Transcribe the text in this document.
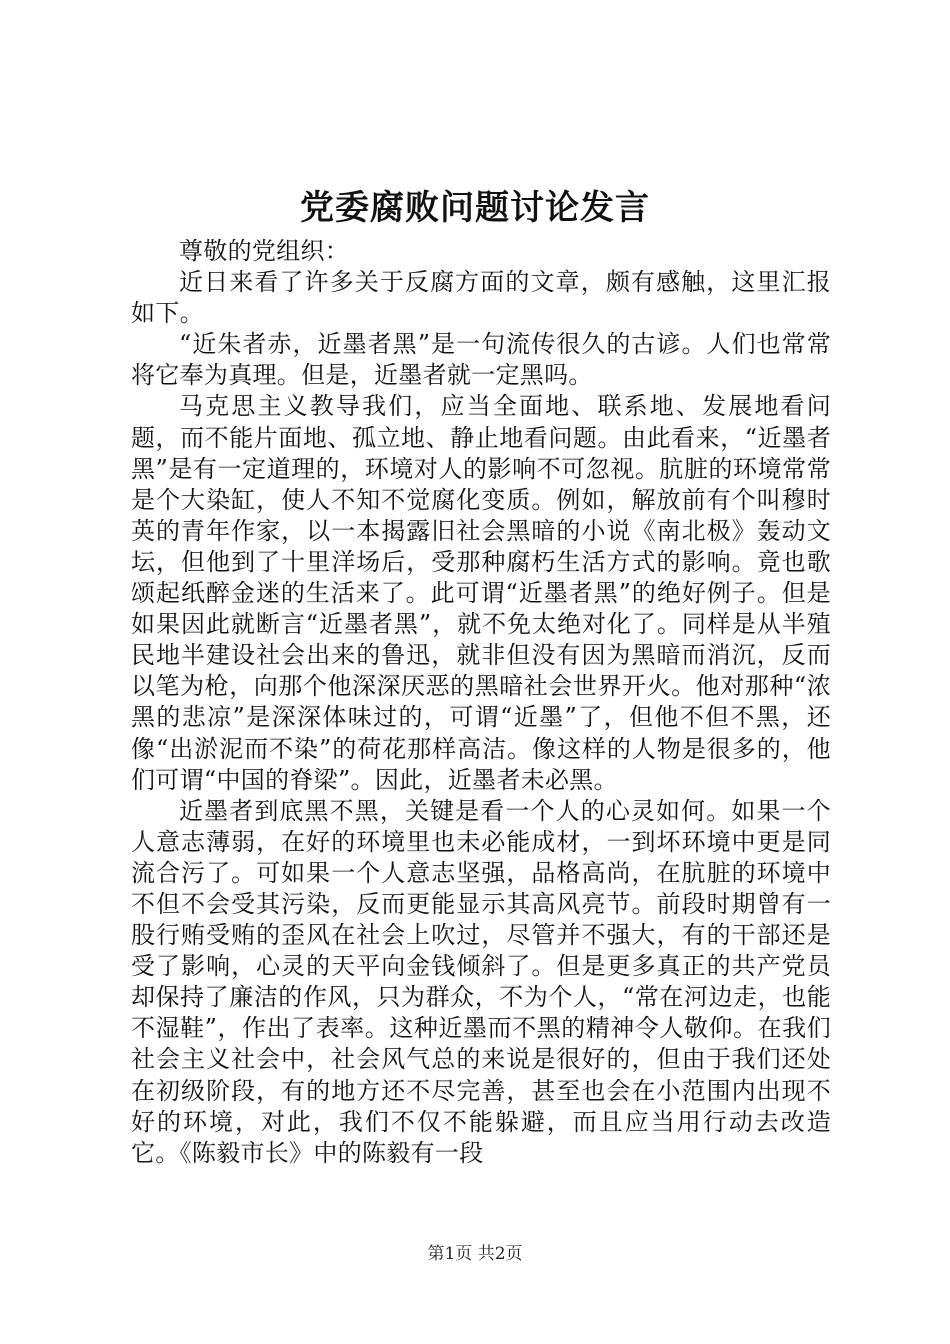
党委腐败问题讨论发言

尊敬的党组织：

近日来看了许多关于反腐方面的文章，颇有感触，这里汇报如下。

“近朱者赤，近墨者黑”是一句流传很久的古谚。人们也常常将它奉为真理。但是，近墨者就一定黑吗。

马克思主义教导我们，应当全面地、联系地、发展地看问题，而不能片面地、孤立地、静止地看问题。由此看来，“近墨者黑”是有一定道理的，环境对人的影响不可忽视。肮脏的环境常常是个大染缸，使人不知不觉腐化变质。例如，解放前有个叫穆时英的青年作家，以一本揭露旧社会黑暗的小说《南北极》轰动文坛，但他到了十里洋场后，受那种腐朽生活方式的影响。竟也歌颂起纸醉金迷的生活来了。此可谓“近墨者黑”的绝好例子。但是如果因此就断言“近墨者黑”，就不免太绝对化了。同样是从半殖民地半建设社会出来的鲁迅，就非但没有因为黑暗而消沉，反而以笔为枪，向那个他深深厌恶的黑暗社会世界开火。他对那种“浓黑的悲凉”是深深体味过的，可谓“近墨”了，但他不但不黑，还像“出淤泥而不染”的荷花那样高洁。像这样的人物是很多的，他们可谓“中国的脊梁”。因此，近墨者未必黑。

近墨者到底黑不黑，关键是看一个人的心灵如何。如果一个人意志薄弱，在好的环境里也未必能成材，一到坏环境中更是同流合污了。可如果一个人意志坚强，品格高尚，在肮脏的环境中不但不会受其污染，反而更能显示其高风亮节。前段时期曾有一股行贿受贿的歪风在社会上吹过，尽管并不强大，有的干部还是受了影响，心灵的天平向金钱倾斜了。但是更多真正的共产党员却保持了廉洁的作风，只为群众，不为个人，“常在河边走，也能不湿鞋”，作出了表率。这种近墨而不黑的精神令人敬仰。在我们社会主义社会中，社会风气总的来说是很好的，但由于我们还处在初级阶段，有的地方还不尽完善，甚至也会在小范围内出现不好的环境，对此，我们不仅不能躲避，而且应当用行动去改造它。《陈毅市长》中的陈毅有一段

第1页 共2页
